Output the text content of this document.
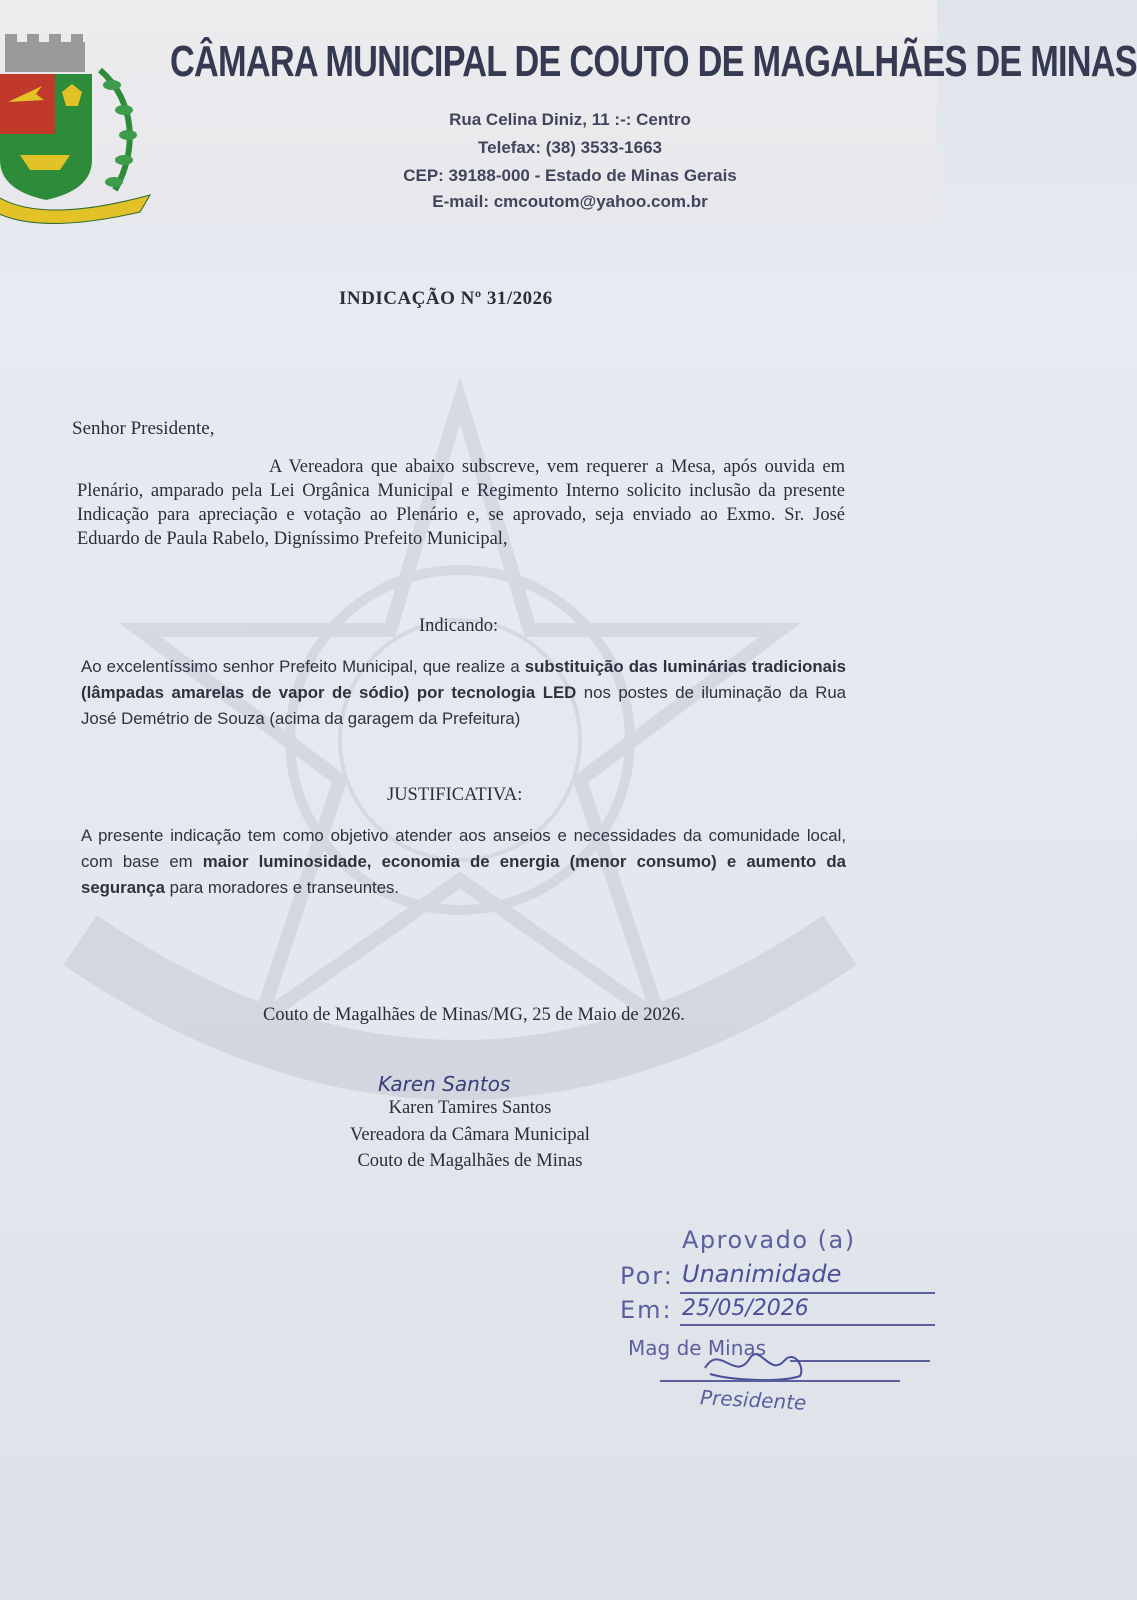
CÂMARA MUNICIPAL DE COUTO DE MAGALHÃES DE MINAS
Rua Celina Diniz, 11 :-: Centro
Telefax: (38) 3533-1663
CEP: 39188-000 - Estado de Minas Gerais
E-mail: cmcoutom@yahoo.com.br
INDICAÇÃO Nº 31/2026
Senhor Presidente,

A Vereadora que abaixo subscreve, vem requerer a Mesa, após ouvida em Plenário, amparado pela Lei Orgânica Municipal e Regimento Interno solicito inclusão da presente Indicação para apreciação e votação ao Plenário e, se aprovado, seja enviado ao Exmo. Sr. José Eduardo de Paula Rabelo, Digníssimo Prefeito Municipal,

Indicando:

Ao excelentíssimo senhor Prefeito Municipal, que realize a substituição das luminárias tradicionais (lâmpadas amarelas de vapor de sódio) por tecnologia LED nos postes de iluminação da Rua José Demétrio de Souza (acima da garagem da Prefeitura)

JUSTIFICATIVA:

A presente indicação tem como objetivo atender aos anseios e necessidades da comunidade local, com base em maior luminosidade, economia de energia (menor consumo) e aumento da segurança para moradores e transeuntes.

Couto de Magalhães de Minas/MG, 25 de Maio de 2026.
Karen Santos
Karen Tamires Santos
Vereadora da Câmara Municipal
Couto de Magalhães de Minas
Aprovado (a)
Por: Unanimidade
Em: 25/05/2026
Mag de Minas
Presidente
